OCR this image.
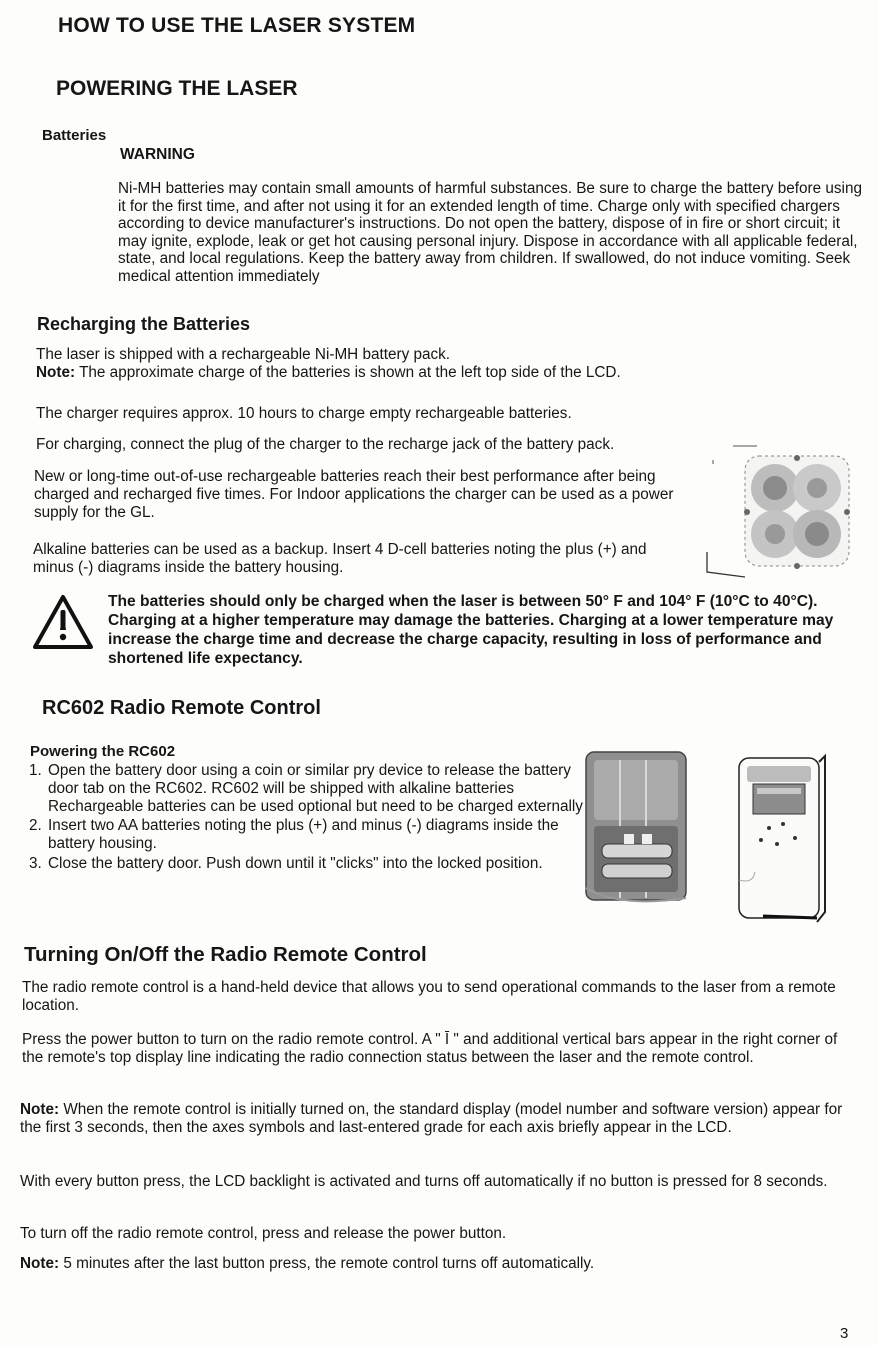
HOW TO USE THE LASER SYSTEM
POWERING THE LASER
Batteries
WARNING

Ni-MH batteries may contain small amounts of harmful substances. Be sure to charge the battery before using it for the first time, and after not using it for an extended length of time. Charge only with specified chargers according to device manufacturer's instructions. Do not open the battery, dispose of in fire or short circuit; it may ignite, explode, leak or get hot causing personal injury. Dispose in accordance with all applicable federal, state, and local regulations. Keep the battery away from children. If swallowed, do not induce vomiting. Seek medical attention immediately

Recharging the Batteries

The laser is shipped with a rechargeable Ni-MH battery pack.

Note: The approximate charge of the batteries is shown at the left top side of the LCD.

The charger requires approx. 10 hours to charge empty rechargeable batteries.

For charging, connect the plug of the charger to the recharge jack of the battery pack.

New or long-time out-of-use rechargeable batteries reach their best performance after being charged and recharged five times. For Indoor applications the charger can be used as a power supply for the GL.

Alkaline batteries can be used as a backup. Insert 4 D-cell batteries noting the plus (+) and minus (-) diagrams inside the battery housing.

The batteries should only be charged when the laser is between 50° F and 104° F (10°C to 40°C). Charging at a higher temperature may damage the batteries. Charging at a lower temperature may increase the charge time and decrease the charge capacity, resulting in loss of performance and shortened life expectancy.

RC602 Radio Remote Control
Powering the RC602
1. Open the battery door using a coin or similar pry device to release the battery door tab on the RC602. RC602 will be shipped with alkaline batteries Rechargeable batteries can be used optional but need to be charged externally
2. Insert two AA batteries noting the plus (+) and minus (-) diagrams inside the battery housing.
3. Close the battery door. Push down until it "clicks" into the locked position.
Turning On/Off the Radio Remote Control

The radio remote control is a hand-held device that allows you to send operational commands to the laser from a remote location.

Press the power button to turn on the radio remote control. A " Ῑ " and additional vertical bars appear in the right corner of the remote's top display line indicating the radio connection status between the laser and the remote control.

Note: When the remote control is initially turned on, the standard display (model number and software version) appear for the first 3 seconds, then the axes symbols and last-entered grade for each axis briefly appear in the LCD.

With every button press, the LCD backlight is activated and turns off automatically if no button is pressed for 8 seconds.

To turn off the radio remote control, press and release the power button.

Note: 5 minutes after the last button press, the remote control turns off automatically.

3
